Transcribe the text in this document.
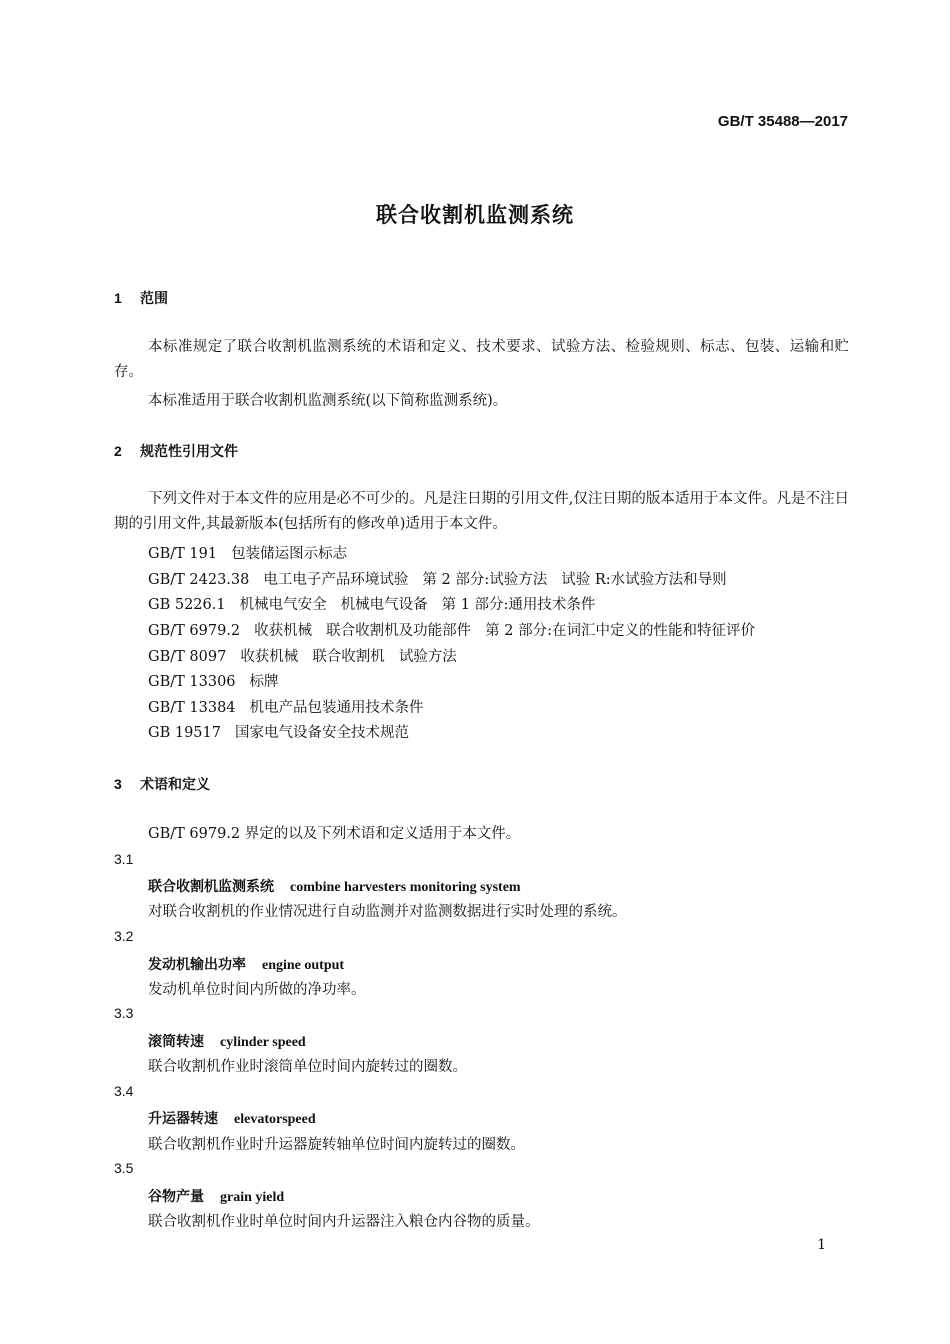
GB/T 35488—2017
联合收割机监测系统
1 范围
本标准规定了联合收割机监测系统的术语和定义、技术要求、试验方法、检验规则、标志、包装、运输和贮存。
本标准适用于联合收割机监测系统(以下简称监测系统)。
2 规范性引用文件
下列文件对于本文件的应用是必不可少的。凡是注日期的引用文件,仅注日期的版本适用于本文件。凡是不注日期的引用文件,其最新版本(包括所有的修改单)适用于本文件。
GB/T 191 包装储运图示标志
GB/T 2423.38 电工电子产品环境试验 第 2 部分:试验方法 试验 R:水试验方法和导则
GB 5226.1 机械电气安全 机械电气设备 第 1 部分:通用技术条件
GB/T 6979.2 收获机械 联合收割机及功能部件 第 2 部分:在词汇中定义的性能和特征评价
GB/T 8097 收获机械 联合收割机 试验方法
GB/T 13306 标牌
GB/T 13384 机电产品包装通用技术条件
GB 19517 国家电气设备安全技术规范
3 术语和定义
GB/T 6979.2 界定的以及下列术语和定义适用于本文件。
3.1
联合收割机监测系统 combine harvesters monitoring system
对联合收割机的作业情况进行自动监测并对监测数据进行实时处理的系统。
3.2
发动机输出功率 engine output
发动机单位时间内所做的净功率。
3.3
滚筒转速 cylinder speed
联合收割机作业时滚筒单位时间内旋转过的圈数。
3.4
升运器转速 elevatorspeed
联合收割机作业时升运器旋转轴单位时间内旋转过的圈数。
3.5
谷物产量 grain yield
联合收割机作业时单位时间内升运器注入粮仓内谷物的质量。
1
